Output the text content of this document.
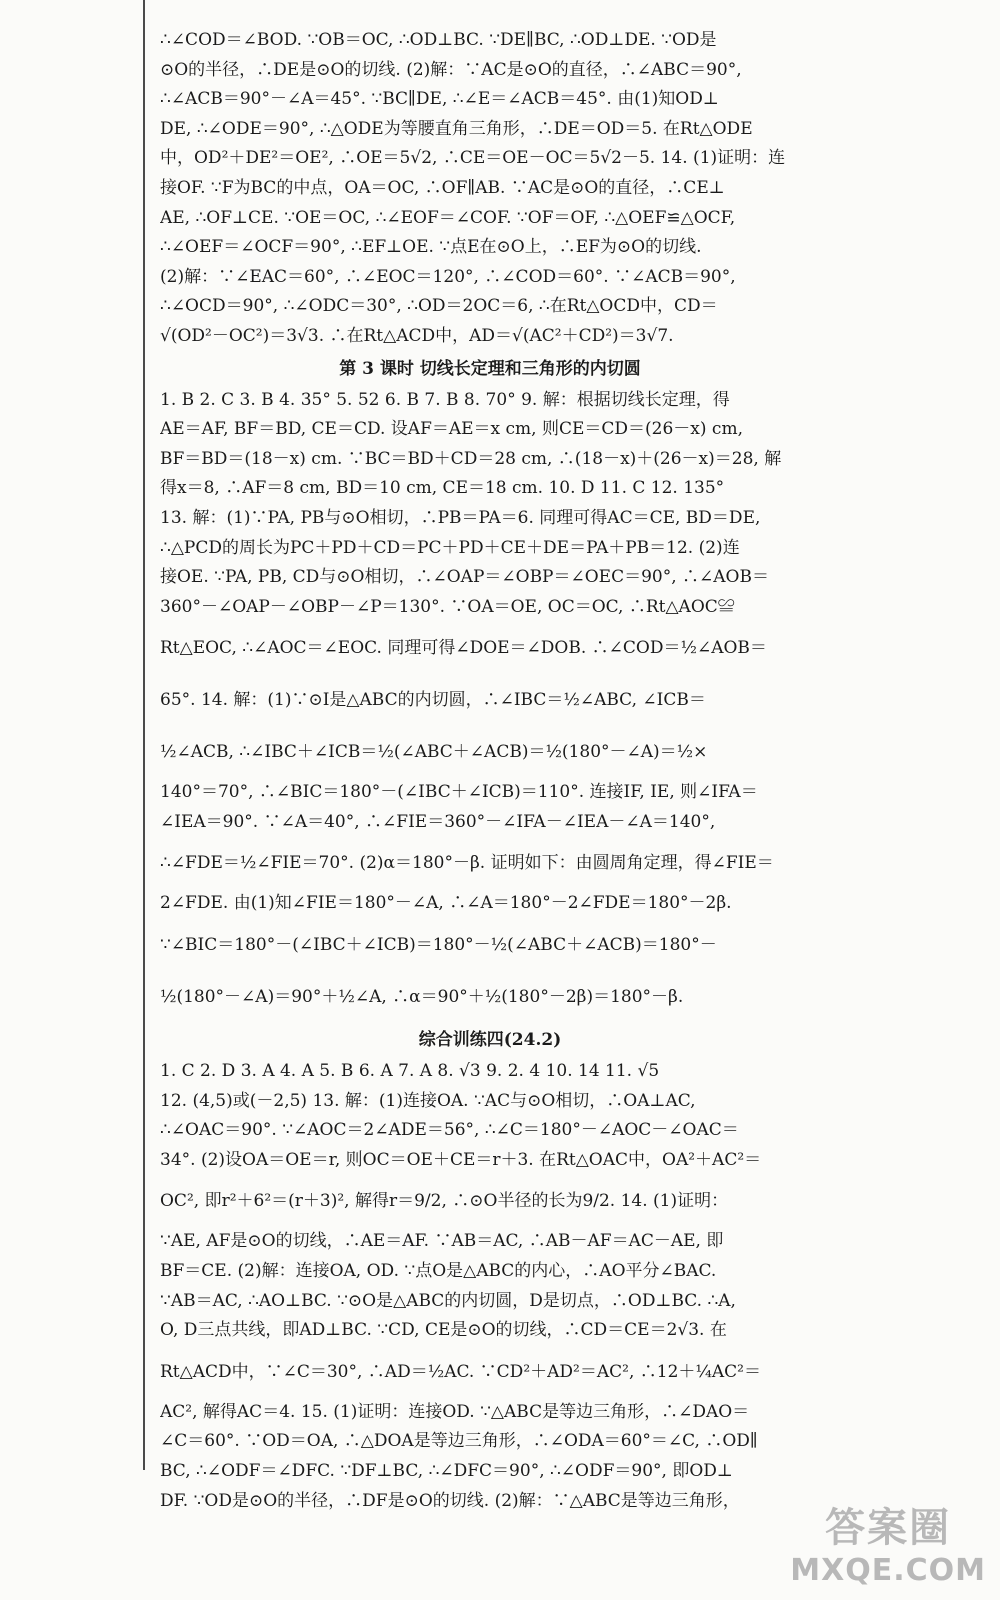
∴∠COD＝∠BOD. ∵OB＝OC, ∴OD⊥BC. ∵DE∥BC, ∴OD⊥DE. ∵OD是
⊙O的半径，∴DE是⊙O的切线. (2)解：∵AC是⊙O的直径，∴∠ABC＝90°,
∴∠ACB＝90°－∠A＝45°. ∵BC∥DE, ∴∠E＝∠ACB＝45°. 由(1)知OD⊥
DE, ∴∠ODE＝90°, ∴△ODE为等腰直角三角形，∴DE＝OD＝5. 在Rt△ODE
中，OD²＋DE²＝OE², ∴OE＝5√2, ∴CE＝OE－OC＝5√2－5. 14. (1)证明：连
接OF. ∵F为BC的中点，OA＝OC, ∴OF∥AB. ∵AC是⊙O的直径，∴CE⊥
AE, ∴OF⊥CE. ∵OE＝OC, ∴∠EOF＝∠COF. ∵OF＝OF, ∴△OEF≌△OCF,
∴∠OEF＝∠OCF＝90°, ∴EF⊥OE. ∵点E在⊙O上，∴EF为⊙O的切线.
(2)解：∵∠EAC＝60°, ∴∠EOC＝120°, ∴∠COD＝60°. ∵∠ACB＝90°,
∴∠OCD＝90°, ∴∠ODC＝30°, ∴OD＝2OC＝6, ∴在Rt△OCD中，CD＝
√(OD²－OC²)＝3√3. ∴在Rt△ACD中，AD＝√(AC²＋CD²)＝3√7.
第 3 课时 切线长定理和三角形的内切圆
1. B 2. C 3. B 4. 35° 5. 52 6. B 7. B 8. 70° 9. 解：根据切线长定理，得
AE＝AF, BF＝BD, CE＝CD. 设AF＝AE＝x cm, 则CE＝CD＝(26－x) cm,
BF＝BD＝(18－x) cm. ∵BC＝BD＋CD＝28 cm, ∴(18－x)＋(26－x)＝28, 解
得x＝8, ∴AF＝8 cm, BD＝10 cm, CE＝18 cm. 10. D 11. C 12. 135°
13. 解：(1)∵PA, PB与⊙O相切，∴PB＝PA＝6. 同理可得AC＝CE, BD＝DE,
∴△PCD的周长为PC＋PD＋CD＝PC＋PD＋CE＋DE＝PA＋PB＝12. (2)连
接OE. ∵PA, PB, CD与⊙O相切，∴∠OAP＝∠OBP＝∠OEC＝90°, ∴∠AOB＝
360°－∠OAP－∠OBP－∠P＝130°. ∵OA＝OE, OC＝OC, ∴Rt△AOC≌
Rt△EOC, ∴∠AOC＝∠EOC. 同理可得∠DOE＝∠DOB. ∴∠COD＝½∠AOB＝
65°. 14. 解：(1)∵⊙I是△ABC的内切圆，∴∠IBC＝½∠ABC, ∠ICB＝
½∠ACB, ∴∠IBC＋∠ICB＝½(∠ABC＋∠ACB)＝½(180°－∠A)＝½×
140°＝70°, ∴∠BIC＝180°－(∠IBC＋∠ICB)＝110°. 连接IF, IE, 则∠IFA＝
∠IEA＝90°. ∵∠A＝40°, ∴∠FIE＝360°－∠IFA－∠IEA－∠A＝140°,
∴∠FDE＝½∠FIE＝70°. (2)α＝180°－β. 证明如下：由圆周角定理，得∠FIE＝
2∠FDE. 由(1)知∠FIE＝180°－∠A, ∴∠A＝180°－2∠FDE＝180°－2β.
∵∠BIC＝180°－(∠IBC＋∠ICB)＝180°－½(∠ABC＋∠ACB)＝180°－
½(180°－∠A)＝90°＋½∠A, ∴α＝90°＋½(180°－2β)＝180°－β.
综合训练四(24.2)
1. C 2. D 3. A 4. A 5. B 6. A 7. A 8. √3 9. 2. 4 10. 14 11. √5
12. (4,5)或(－2,5) 13. 解：(1)连接OA. ∵AC与⊙O相切，∴OA⊥AC,
∴∠OAC＝90°. ∵∠AOC＝2∠ADE＝56°, ∴∠C＝180°－∠AOC－∠OAC＝
34°. (2)设OA＝OE＝r, 则OC＝OE＋CE＝r＋3. 在Rt△OAC中，OA²＋AC²＝
OC², 即r²＋6²＝(r＋3)², 解得r＝9/2, ∴⊙O半径的长为9/2. 14. (1)证明：
∵AE, AF是⊙O的切线，∴AE＝AF. ∵AB＝AC, ∴AB－AF＝AC－AE, 即
BF＝CE. (2)解：连接OA, OD. ∵点O是△ABC的内心，∴AO平分∠BAC.
∵AB＝AC, ∴AO⊥BC. ∵⊙O是△ABC的内切圆，D是切点，∴OD⊥BC. ∴A,
O, D三点共线，即AD⊥BC. ∵CD, CE是⊙O的切线，∴CD＝CE＝2√3. 在
Rt△ACD中，∵∠C＝30°, ∴AD＝½AC. ∵CD²＋AD²＝AC², ∴12＋¼AC²＝
AC², 解得AC＝4. 15. (1)证明：连接OD. ∵△ABC是等边三角形，∴∠DAO＝
∠C＝60°. ∵OD＝OA, ∴△DOA是等边三角形，∴∠ODA＝60°＝∠C, ∴OD∥
BC, ∴∠ODF＝∠DFC. ∵DF⊥BC, ∴∠DFC＝90°, ∴∠ODF＝90°, 即OD⊥
DF. ∵OD是⊙O的半径，∴DF是⊙O的切线. (2)解：∵△ABC是等边三角形，
答案圈
MXQE.COM
